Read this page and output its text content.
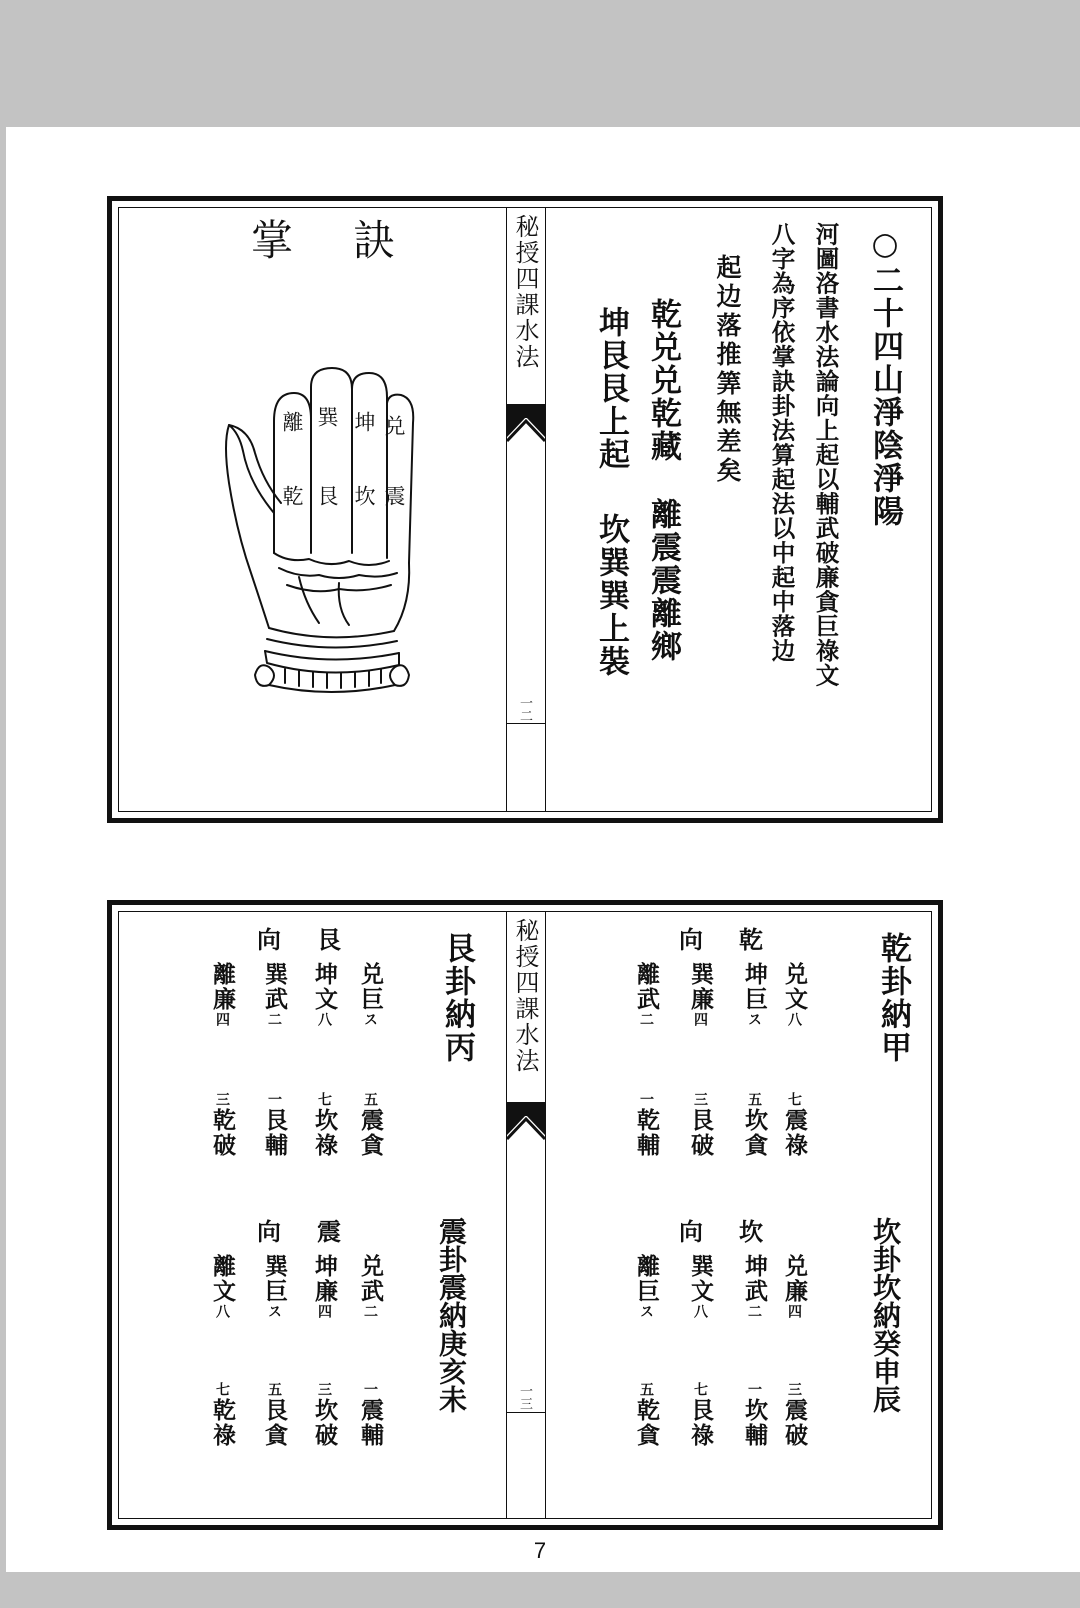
秘授四課水法
一二
掌訣
離 巽 坤 兑
乾 艮 坎 震	○二十四山淨陰淨陽
河圖洛書水法論向上起以輔武破廉貪巨祿文
八字為序依掌訣卦法算起法以中起中落边
起边落推筭無差矣
乾兑兑乾藏
離震震離鄉
坤艮艮上起
坎巽巽上裝
秘授四課水法
一三
乾卦納甲
乾向
兑文八
坤巨ス
巽廉四
離武二
七震祿
五坎貪
三艮破
一乾輔
坎卦坎納癸申辰
坎向
兑廉四
坤武二
巽文八
離巨ス
三震破
一坎輔
七艮祿
五乾貪
艮卦納丙
艮向
兑巨ス
坤文八
巽武二
離廉四
五震貪
七坎祿
一艮輔
三乾破
震卦震納庚亥未
震向
兑武二
坤廉四
巽巨ス
離文八
一震輔
三坎破
五艮貪
七乾祿
7
